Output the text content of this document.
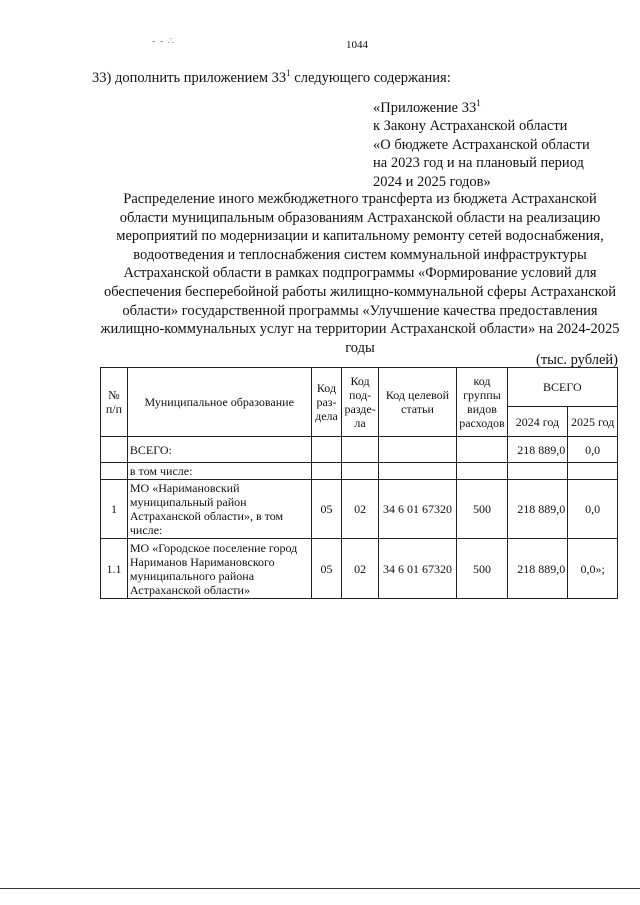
- - ∴	1044
33) дополнить приложением $33^1$ следующего содержания:
«Приложение $33^1$
к Закону Астраханской области
«О бюджете Астраханской области
на 2023 год и на плановый период
2024 и 2025 годов»
Распределение иного межбюджетного трансферта из бюджета Астраханской области муниципальным образованиям Астраханской области на реализацию мероприятий по модернизации и капитальному ремонту сетей водоснабжения, водоотведения и теплоснабжения систем коммунальной инфраструктуры Астраханской области в рамках подпрограммы «Формирование условий для обеспечения бесперебойной работы жилищно-коммунальной сферы Астраханской области» государственной программы «Улучшение качества предоставления жилищно-коммунальных услуг на территории Астраханской области» на 2024-2025 годы
(тыс. рублей)
№ п/п	Муниципальное образование	Код раз- дела	Код под- разде- ла	Код целевой статьи	код группы видов расходов	ВСЕГО	
						2024 год	2025 год
	ВСЕГО:					218 889,0	0,0
	в том числе:						
1	МО «Наримановский муниципальный район Астраханской области», в том числе:	05	02	34 6 01 67320	500	218 889,0	0,0
1.1	МО «Городское поселение город Нариманов Наримановского муниципального района Астраханской области»	05	02	34 6 01 67320	500	218 889,0	0,0»;
